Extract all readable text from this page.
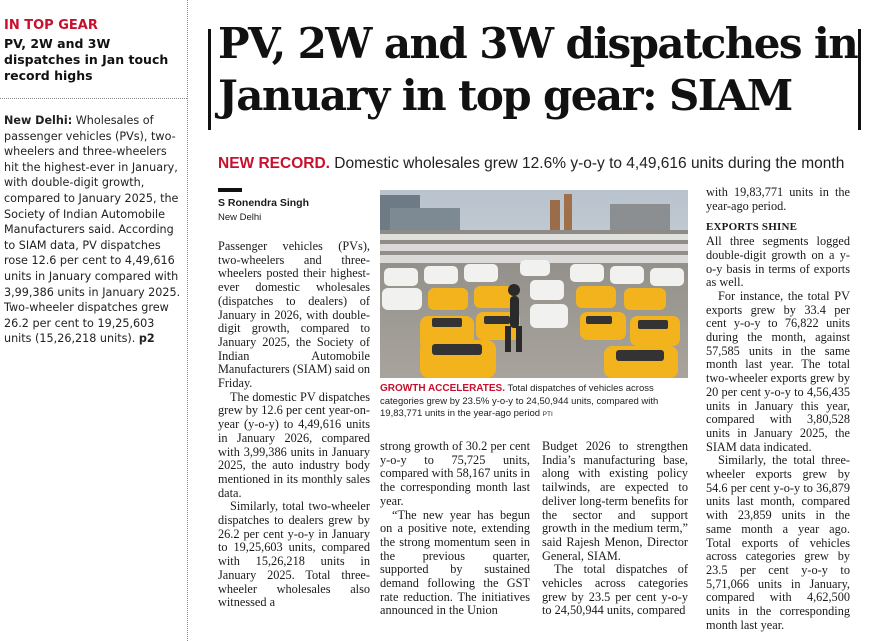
IN TOP GEAR

PV, 2W and 3W dispatches in Jan touch record highs

New Delhi: Wholesales of passenger vehicles (PVs), two-wheelers and three-wheelers hit the highest-ever in January, with double-digit growth, compared to January 2025, the Society of Indian Automobile Manufacturers said. According to SIAM data, PV dispatches rose 12.6 per cent to 4,49,616 units in January compared with 3,99,386 units in January 2025. Two-wheeler dispatches grew 26.2 per cent to 19,25,603 units (15,26,218 units). p2
PV, 2W and 3W dispatches in January in top gear: SIAM
NEW RECORD. Domestic wholesales grew 12.6% y-o-y to 4,49,616 units during the month
S Ronendra Singh
New Delhi

Passenger vehicles (PVs), two-wheelers and three-wheelers posted their highest-ever domestic wholesales (dispatches to dealers) of January in 2026, with double-digit growth, compared to January 2025, the Society of Indian Automobile Manufacturers (SIAM) said on Friday.

The domestic PV dispatches grew by 12.6 per cent year-on-year (y-o-y) to 4,49,616 units in January 2026, compared with 3,99,386 units in January 2025, the auto industry body mentioned in its monthly sales data.

Similarly, total two-wheeler dispatches to dealers grew by 26.2 per cent y-o-y in January to 19,25,603 units, compared with 15,26,218 units in January 2025. Total three-wheeler wholesales also witnessed a

GROWTH ACCELERATES. Total dispatches of vehicles across categories grew by 23.5% y-o-y to 24,50,944 units, compared with 19,83,771 units in the year-ago period PTI

strong growth of 30.2 per cent y-o-y to 75,725 units, compared with 58,167 units in the corresponding month last year.

“The new year has begun on a positive note, extending the strong momentum seen in the previous quarter, supported by sustained demand following the GST rate reduction. The initiatives announced in the Union

Budget 2026 to strengthen India’s manufacturing base, along with existing policy tailwinds, are expected to deliver long-term benefits for the sector and support growth in the medium term,” said Rajesh Menon, Director General, SIAM.

The total dispatches of vehicles across categories grew by 23.5 per cent y-o-y to 24,50,944 units, compared

with 19,83,771 units in the year-ago period.

EXPORTS SHINE

All three segments logged double-digit growth on a y-o-y basis in terms of exports as well.

For instance, the total PV exports grew by 33.4 per cent y-o-y to 76,822 units during the month, against 57,585 units in the same month last year. The total two-wheeler exports grew by 20 per cent y-o-y to 4,56,435 units in January this year, compared with 3,80,528 units in January 2025, the SIAM data indicated.

Similarly, the total three-wheeler exports grew by 54.6 per cent y-o-y to 36,879 units last month, compared with 23,859 units in the same month a year ago. Total exports of vehicles across categories grew by 23.5 per cent y-o-y to 5,71,066 units in January, compared with 4,62,500 units in the corresponding month last year.
